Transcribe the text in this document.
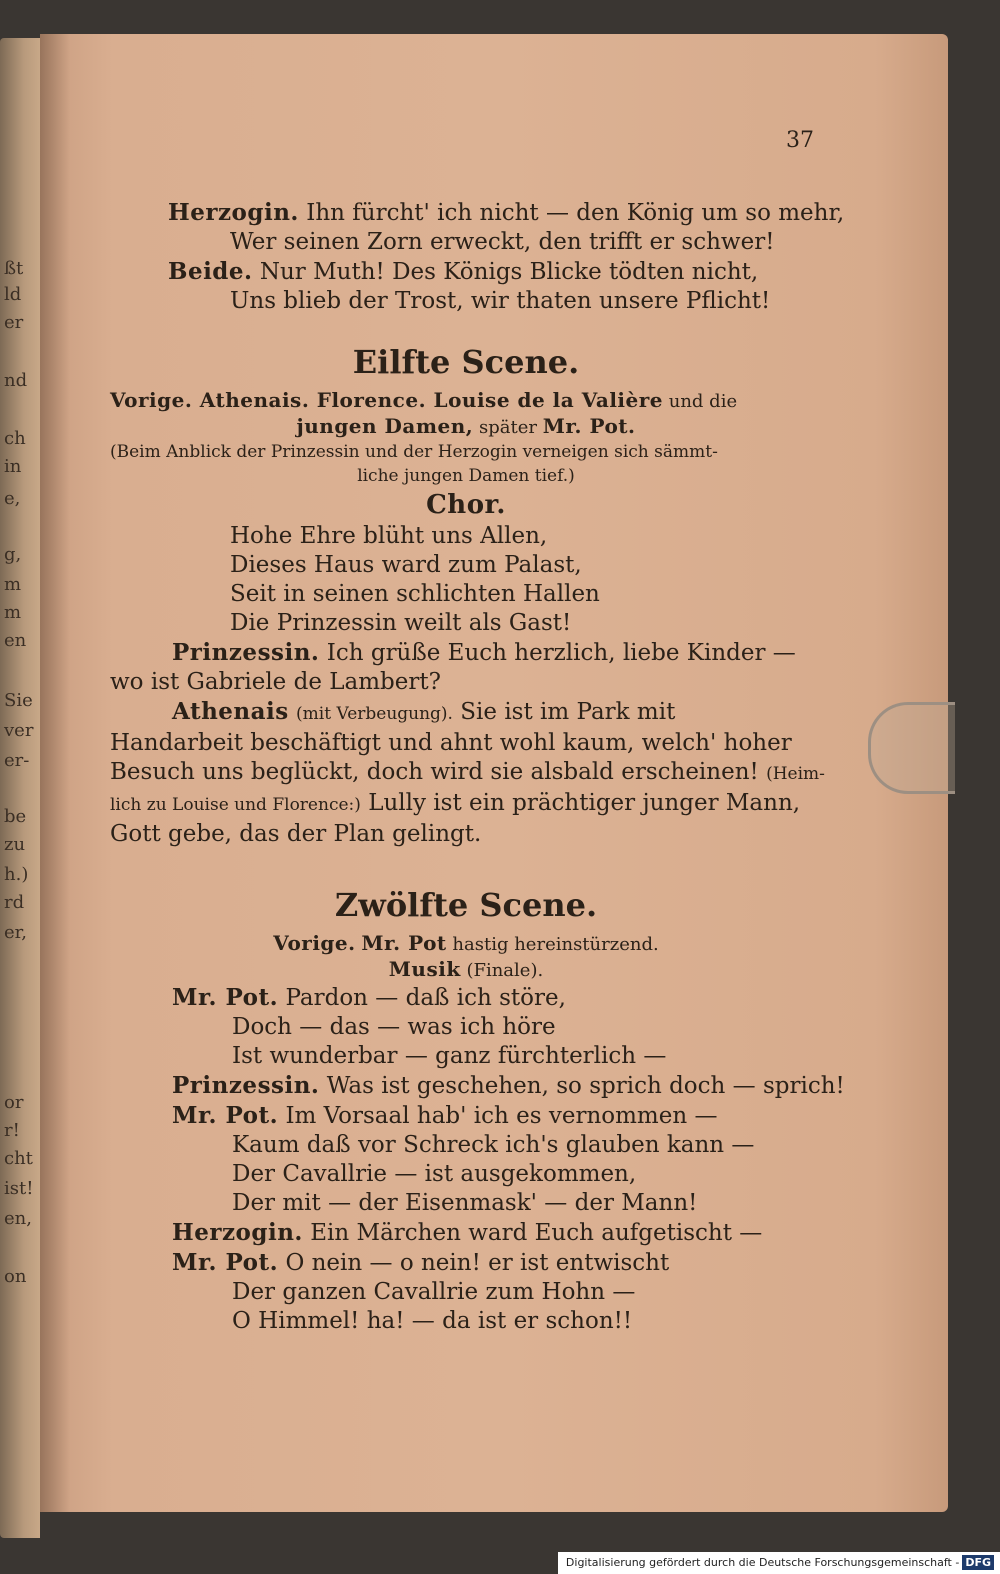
ßt
ld
er
nd
ch
in
e,
g,
m
m
en
Sie
ver
er-
be
zu
h.)
rd
er,
or
r!
cht
ist!
en,
on
37
Herzogin. Ihn fürcht' ich nicht — den König um so mehr,
Wer seinen Zorn erweckt, den trifft er schwer!
Beide. Nur Muth! Des Königs Blicke tödten nicht,
Uns blieb der Trost, wir thaten unsere Pflicht!
Eilfte Scene.
Vorige. Athenais. Florence. Louise de la Valière und die
jungen Damen, später Mr. Pot.
(Beim Anblick der Prinzessin und der Herzogin verneigen sich sämmt-
liche jungen Damen tief.)
Chor.
Hohe Ehre blüht uns Allen,
Dieses Haus ward zum Palast,
Seit in seinen schlichten Hallen
Die Prinzessin weilt als Gast!
Prinzessin. Ich grüße Euch herzlich, liebe Kinder —
wo ist Gabriele de Lambert?
Athenais (mit Verbeugung). Sie ist im Park mit
Handarbeit beschäftigt und ahnt wohl kaum, welch' hoher
Besuch uns beglückt, doch wird sie alsbald erscheinen! (Heim-
lich zu Louise und Florence:) Lully ist ein prächtiger junger Mann,
Gott gebe, das der Plan gelingt.
Zwölfte Scene.
Vorige. Mr. Pot hastig hereinstürzend.
Musik (Finale).
Mr. Pot. Pardon — daß ich störe,
Doch — das — was ich höre
Ist wunderbar — ganz fürchterlich —
Prinzessin. Was ist geschehen, so sprich doch — sprich!
Mr. Pot. Im Vorsaal hab' ich es vernommen —
Kaum daß vor Schreck ich's glauben kann —
Der Cavallrie — ist ausgekommen,
Der mit — der Eisenmask' — der Mann!
Herzogin. Ein Märchen ward Euch aufgetischt —
Mr. Pot. O nein — o nein! er ist entwischt
Der ganzen Cavallrie zum Hohn —
O Himmel! ha! — da ist er schon!!
Digitalisierung gefördert durch die Deutsche Forschungsgemeinschaft - DFG
